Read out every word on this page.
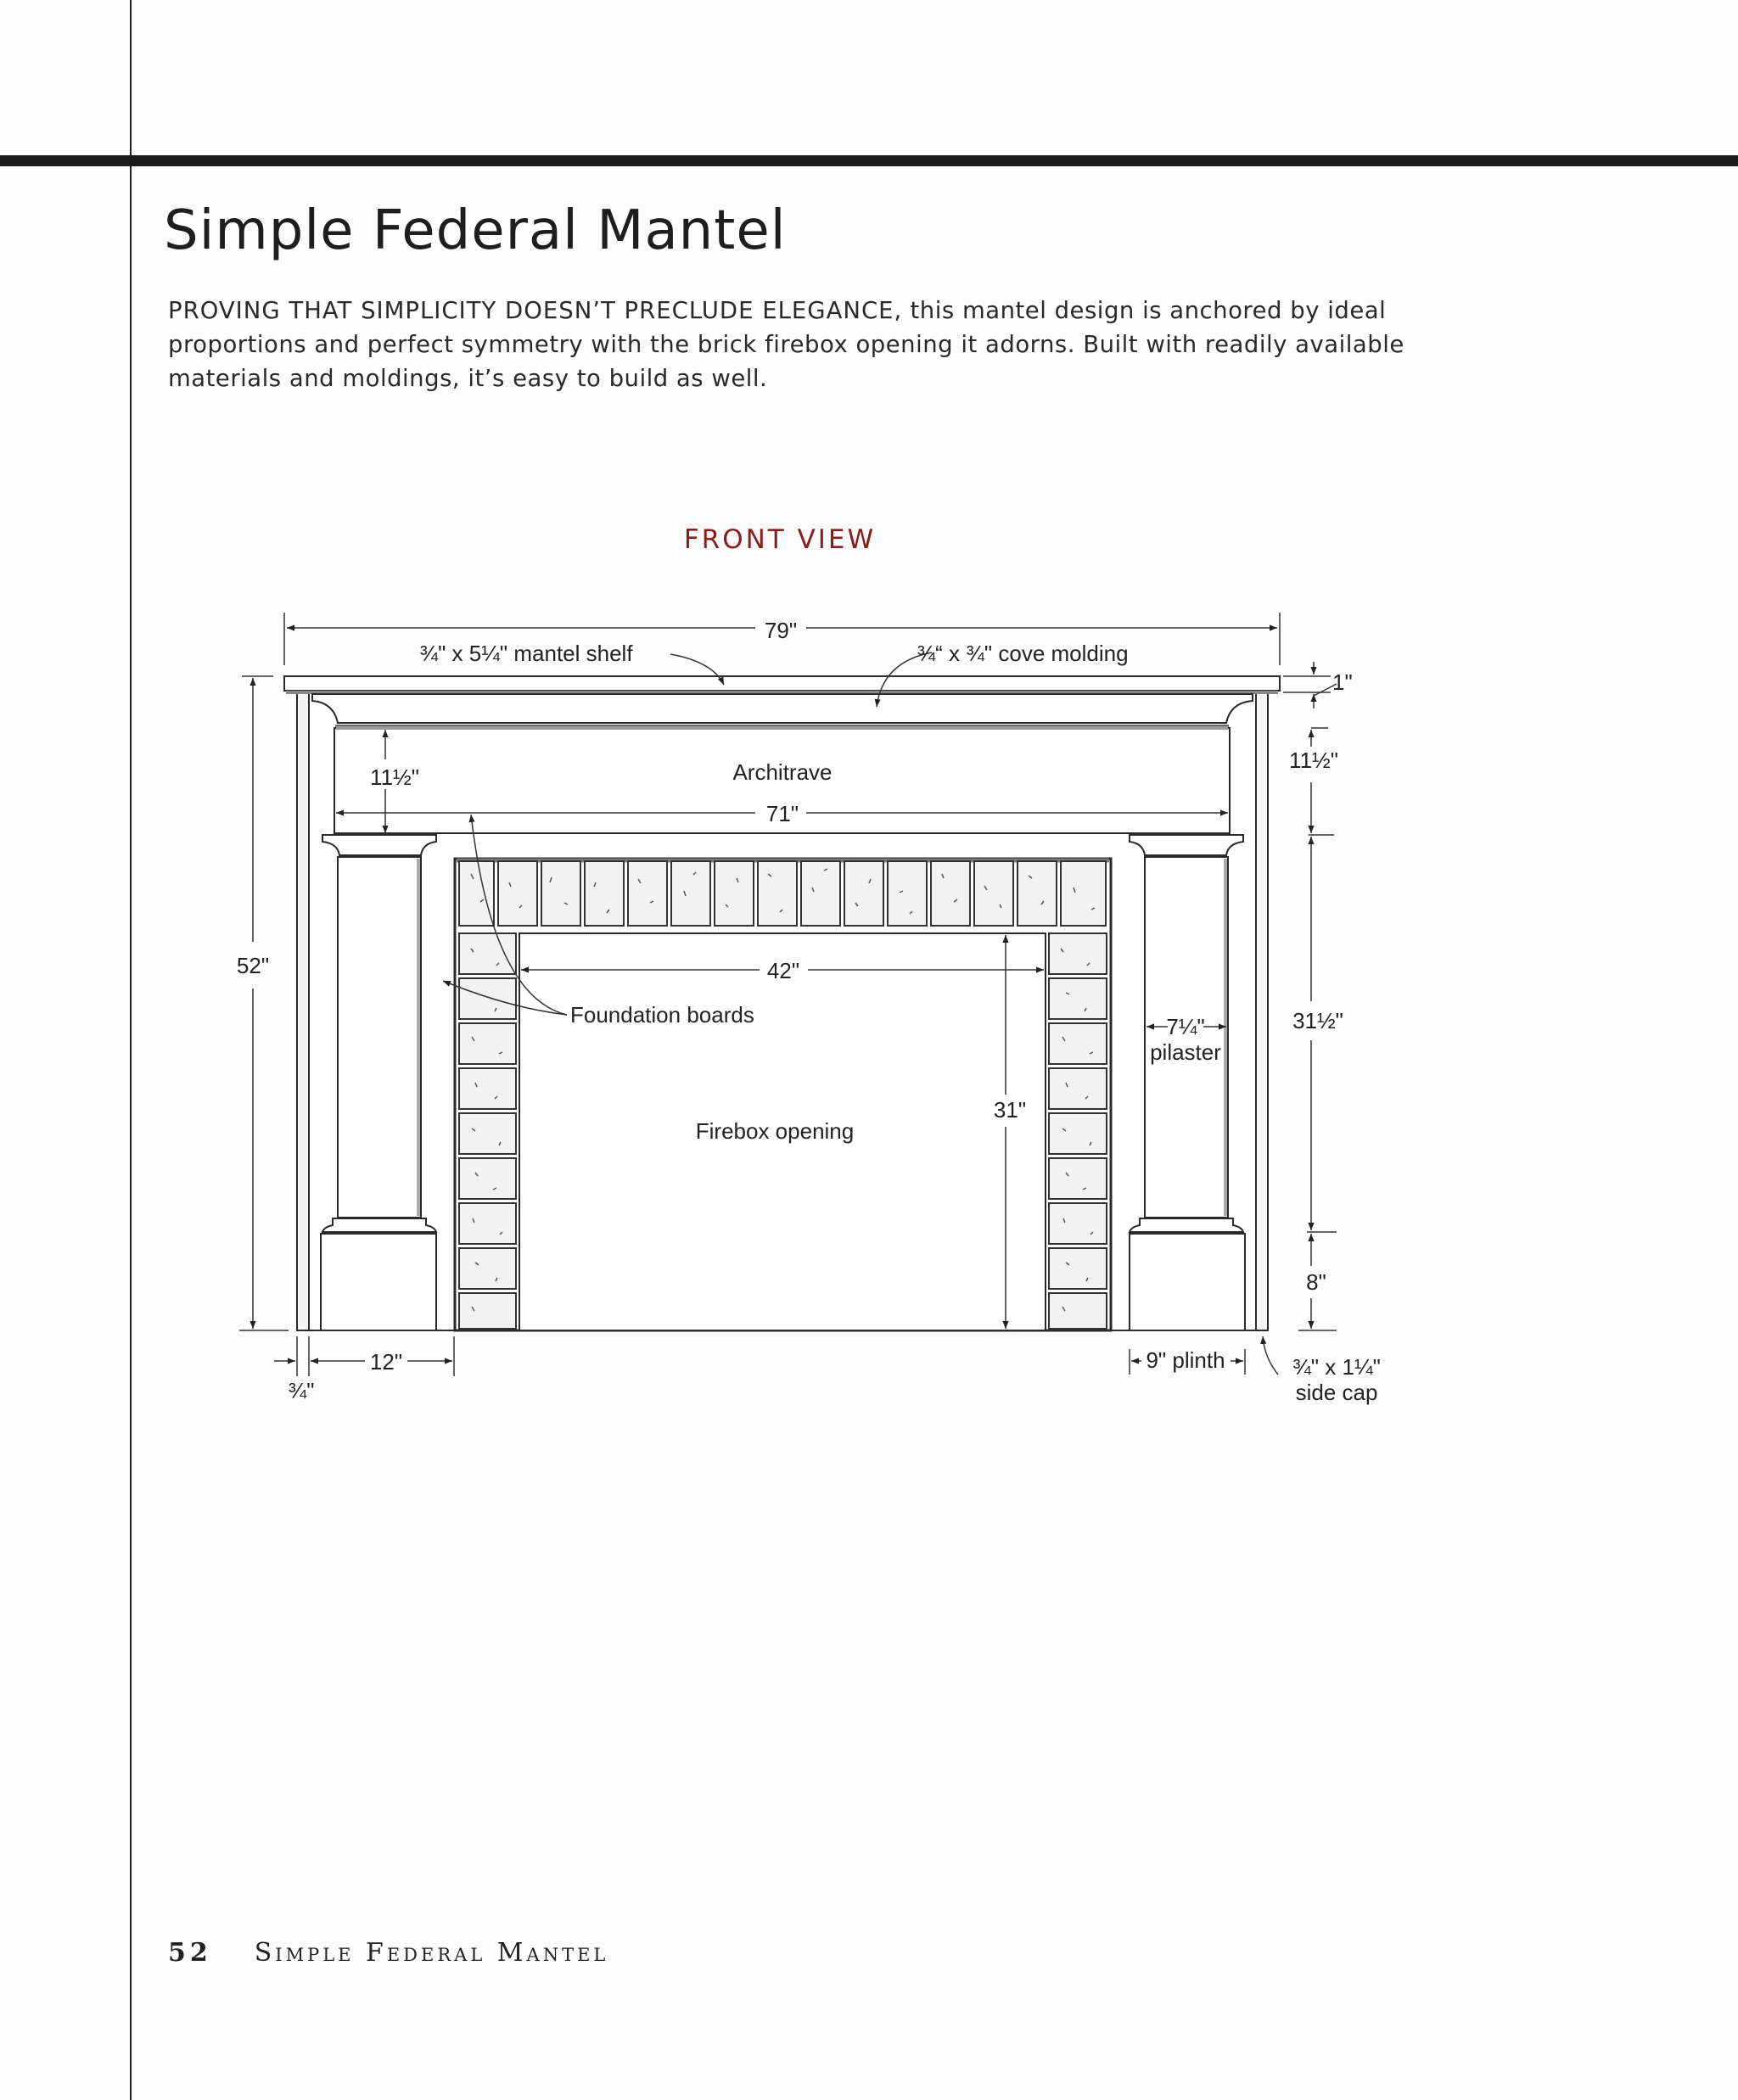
Simple Federal Mantel

PROVING THAT SIMPLICITY DOESN’T PRECLUDE ELEGANCE, this mantel design is anchored by ideal proportions and perfect symmetry with the brick firebox opening it adorns. Built with readily available materials and moldings, it’s easy to build as well.

FRONT VIEW
79"
¾" x 5¼" mantel shelf	¾“ x ¾" cove molding
1"
Architrave
11½"
11½"
71"
52"	42"
Foundation boards	7¼"
pilaster
31½"
Firebox opening
31"
8"
12"
¾"
9" plinth	¾" x 1¼"
side cap

52 Simple Federal Mantel
